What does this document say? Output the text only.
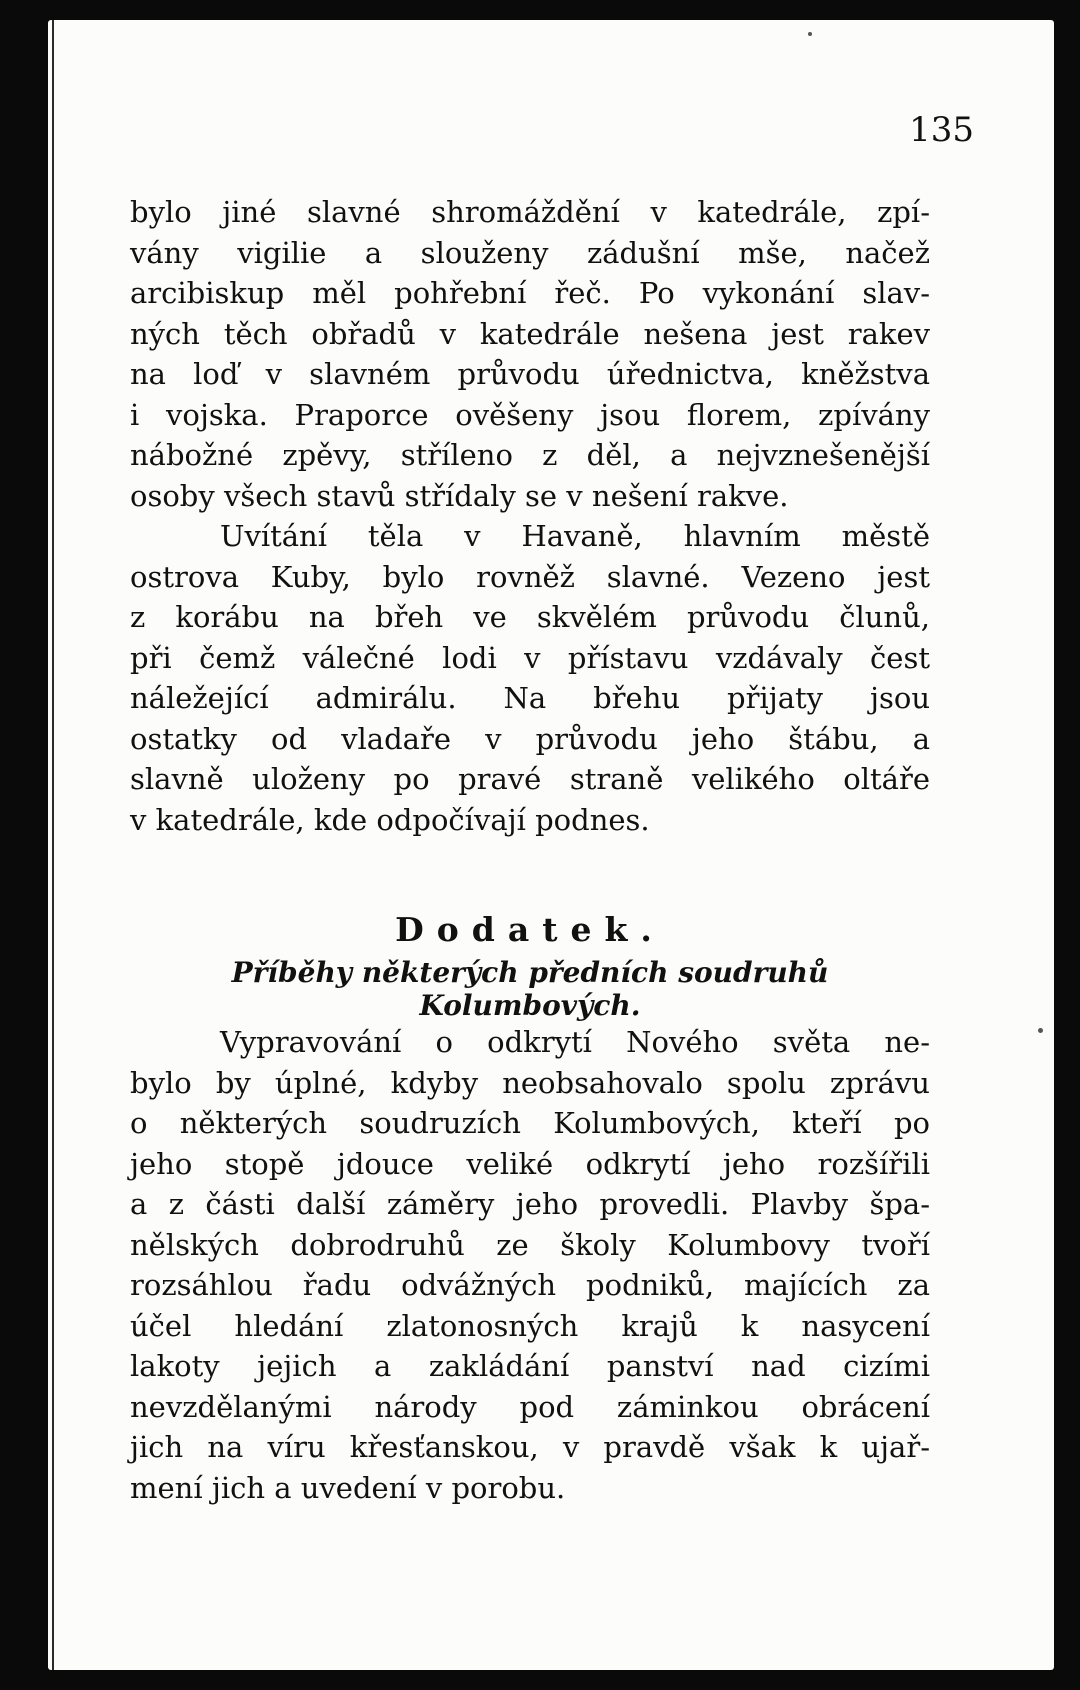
135

bylo jiné slavné shromáždění v katedrále, zpí-
vány vigilie a slouženy zádušní mše, načež
arcibiskup měl pohřební řeč. Po vykonání slav-
ných těch obřadů v katedrále nešena jest rakev
na loď v slavném průvodu úřednictva, kněžstva
i vojska. Praporce ověšeny jsou florem, zpívány
nábožné zpěvy, stříleno z děl, a nejvznešenější
osoby všech stavů střídaly se v nešení rakve.
Uvítání těla v Havaně, hlavním městě
ostrova Kuby, bylo rovněž slavné. Vezeno jest
z korábu na břeh ve skvělém průvodu člunů,
při čemž válečné lodi v přístavu vzdávaly čest
náležející admirálu. Na břehu přijaty jsou
ostatky od vladaře v průvodu jeho štábu, a
slavně uloženy po pravé straně velikého oltáře
v katedrále, kde odpočívají podnes.
Dodatek.
Příběhy některých předních soudruhů Kolumbových.
Vypravování o odkrytí Nového světa ne-
bylo by úplné, kdyby neobsahovalo spolu zprávu
o některých soudruzích Kolumbových, kteří po
jeho stopě jdouce veliké odkrytí jeho rozšířili
a z části další záměry jeho provedli. Plavby špa-
nělských dobrodruhů ze školy Kolumbovy tvoří
rozsáhlou řadu odvážných podniků, majících za
účel hledání zlatonosných krajů k nasycení
lakoty jejich a zakládání panství nad cizími
nevzdělanými národy pod záminkou obrácení
jich na víru křesťanskou, v pravdě však k ujař-
mení jich a uvedení v porobu.
